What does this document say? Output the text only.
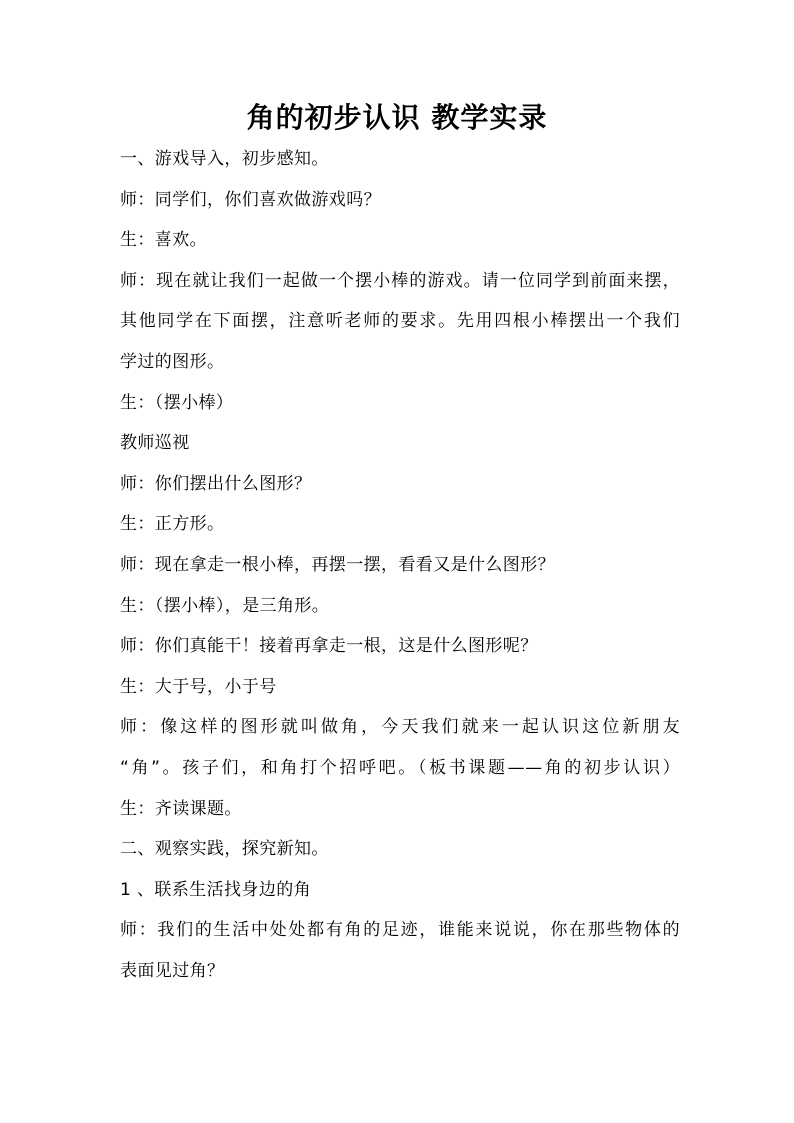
角的初步认识 教学实录
一、游戏导入，初步感知。
师：同学们，你们喜欢做游戏吗？
生：喜欢。
师：现在就让我们一起做一个摆小棒的游戏。请一位同学到前面来摆，
其他同学在下面摆，注意听老师的要求。先用四根小棒摆出一个我们
学过的图形。
生：（摆小棒）
教师巡视
师：你们摆出什么图形？
生：正方形。
师：现在拿走一根小棒，再摆一摆，看看又是什么图形？
生：（摆小棒），是三角形。
师：你们真能干！接着再拿走一根，这是什么图形呢？
生：大于号，小于号
师：像这样的图形就叫做角，今天我们就来一起认识这位新朋友
“角”。孩子们，和角打个招呼吧。（板书课题——角的初步认识）
生：齐读课题。
二、观察实践，探究新知。
1 、联系生活找身边的角
师：我们的生活中处处都有角的足迹，谁能来说说，你在那些物体的
表面见过角？
